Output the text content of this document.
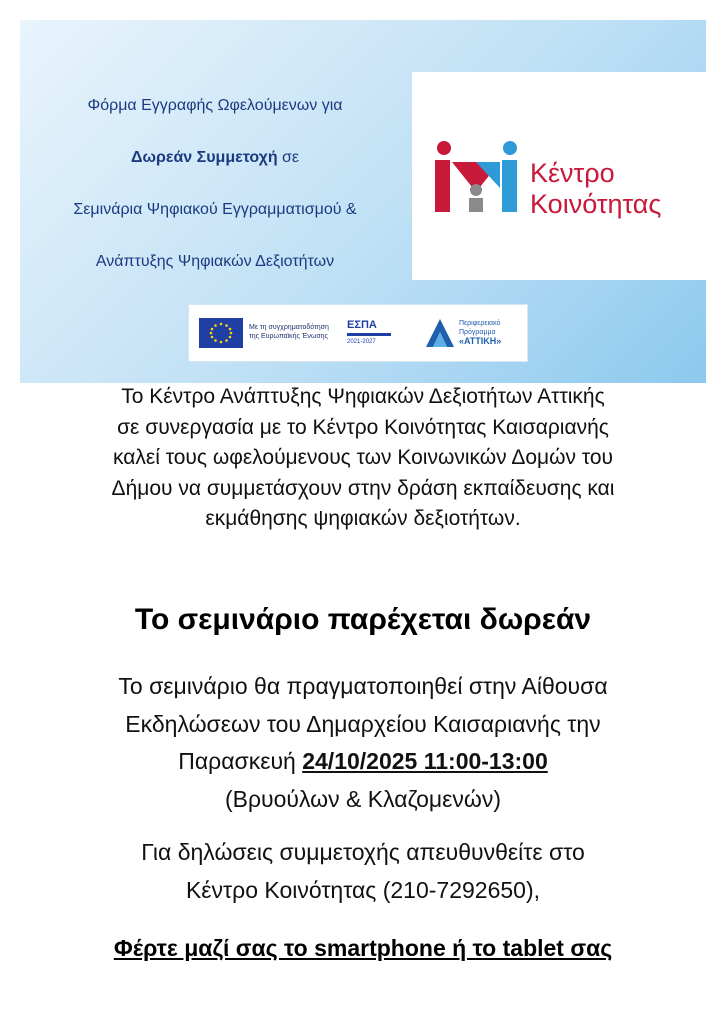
Φόρμα Εγγραφής Ωφελούμενων για
Δωρεάν Συμμετοχή σε
Σεμινάρια Ψηφιακού Εγγραμματισμού &
Ανάπτυξης Ψηφιακών Δεξιοτήτων
Κέντρο
Κοινότητας
Με τη συγχρηματοδότηση
της Ευρωπαϊκής Ένωσης
ΕΣΠΑ
2021-2027
Περιφερειακό
Πρόγραμμα
«ΑΤΤΙΚΗ»
Το Κέντρο Ανάπτυξης Ψηφιακών Δεξιοτήτων Αττικής
σε συνεργασία με το Κέντρο Κοινότητας Καισαριανής
καλεί τους ωφελούμενους των Κοινωνικών Δομών του
Δήμου να συμμετάσχουν στην δράση εκπαίδευσης και
εκμάθησης ψηφιακών δεξιοτήτων.
Το σεμινάριο παρέχεται δωρεάν
Το σεμινάριο θα πραγματοποιηθεί στην Αίθουσα
Εκδηλώσεων του Δημαρχείου Καισαριανής την
Παρασκευή 24/10/2025 11:00-13:00
(Βρυούλων & Κλαζομενών)
Για δηλώσεις συμμετοχής απευθυνθείτε στο
Κέντρο Κοινότητας (210-7292650),
Φέρτε μαζί σας το smartphone ή το tablet σας
